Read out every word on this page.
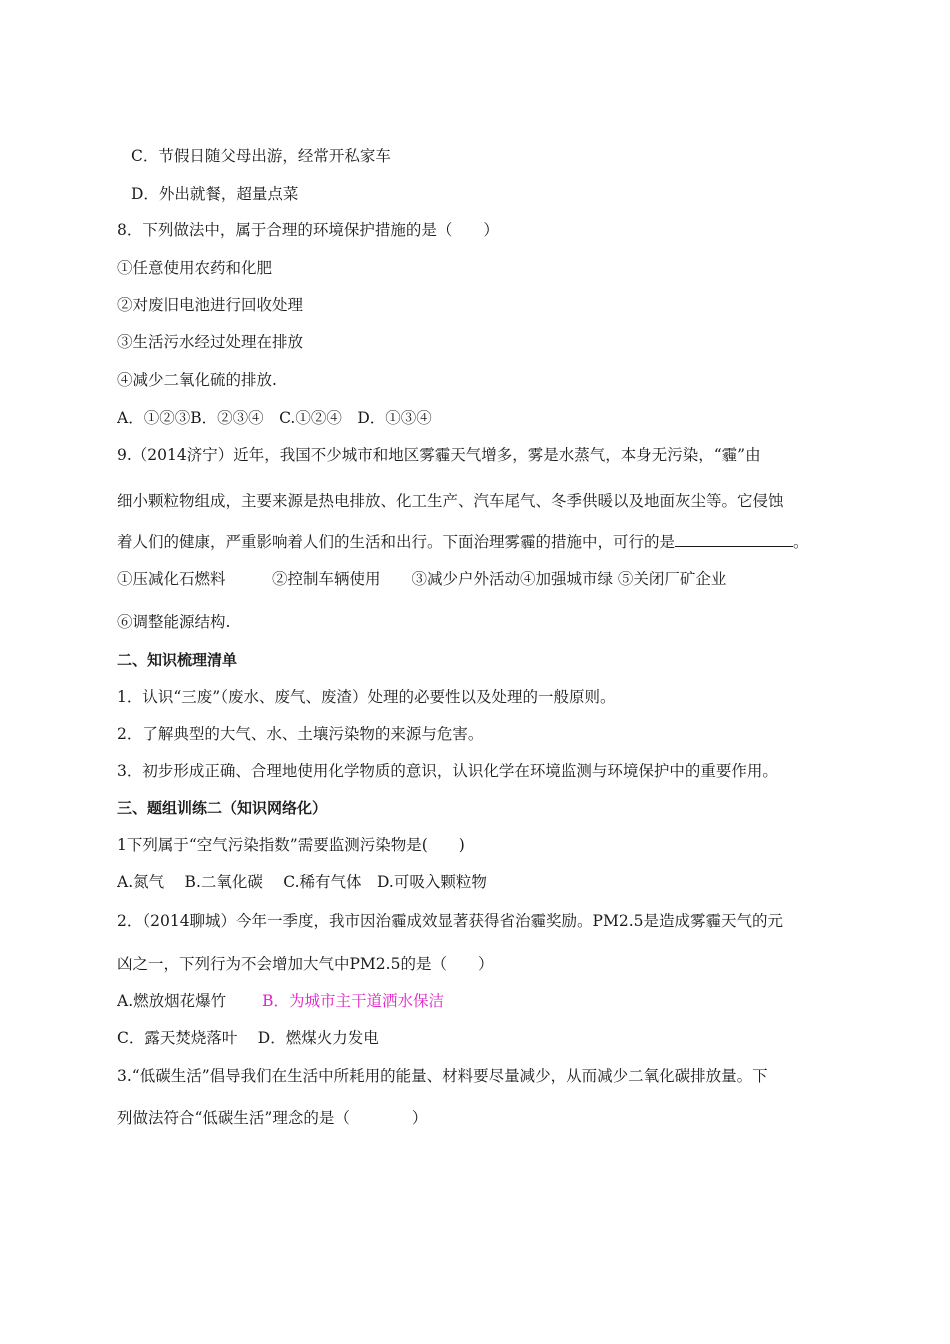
C．节假日随父母出游，经常开私家车
D．外出就餐，超量点菜
8．下列做法中，属于合理的环境保护措施的是（　　）
①任意使用农药和化肥
②对废旧电池进行回收处理
③生活污水经过处理在排放
④减少二氧化硫的排放.
A．①②③B．②③④　C.①②④　D．①③④
9.（2014济宁）近年，我国不少城市和地区雾霾天气增多，雾是水蒸气，本身无污染，“霾”由
细小颗粒物组成，主要来源是热电排放、化工生产、汽车尾气、冬季供暖以及地面灰尘等。它侵蚀
着人们的健康，严重影响着人们的生活和出行。下面治理雾霾的措施中，可行的是	。
①压减化石燃料　　　②控制车辆使用　　③减少户外活动④加强城市绿 ⑤关闭厂矿企业
⑥调整能源结构.
二、知识梳理清单
1．认识“三废”（废水、废气、废渣）处理的必要性以及处理的一般原则。
2．了解典型的大气、水、土壤污染物的来源与危害。
3．初步形成正确、合理地使用化学物质的意识，认识化学在环境监测与环境保护中的重要作用。
三、题组训练二（知识网络化）
1下列属于“空气污染指数”需要监测污染物是(　　)
A.氮气　 B.二氧化碳　 C.稀有气体　D.可吸入颗粒物
2．（2014聊城）今年一季度，我市因治霾成效显著获得省治霾奖励。PM2.5是造成雾霾天气的元
凶之一，下列行为不会增加大气中PM2.5的是（　　）
A.燃放烟花爆竹 B．为城市主干道洒水保洁
C．露天焚烧落叶　 D．燃煤火力发电
3.“低碳生活”倡导我们在生活中所耗用的能量、材料要尽量减少，从而减少二氧化碳排放量。下
列做法符合“低碳生活”理念的是（　　　　）
